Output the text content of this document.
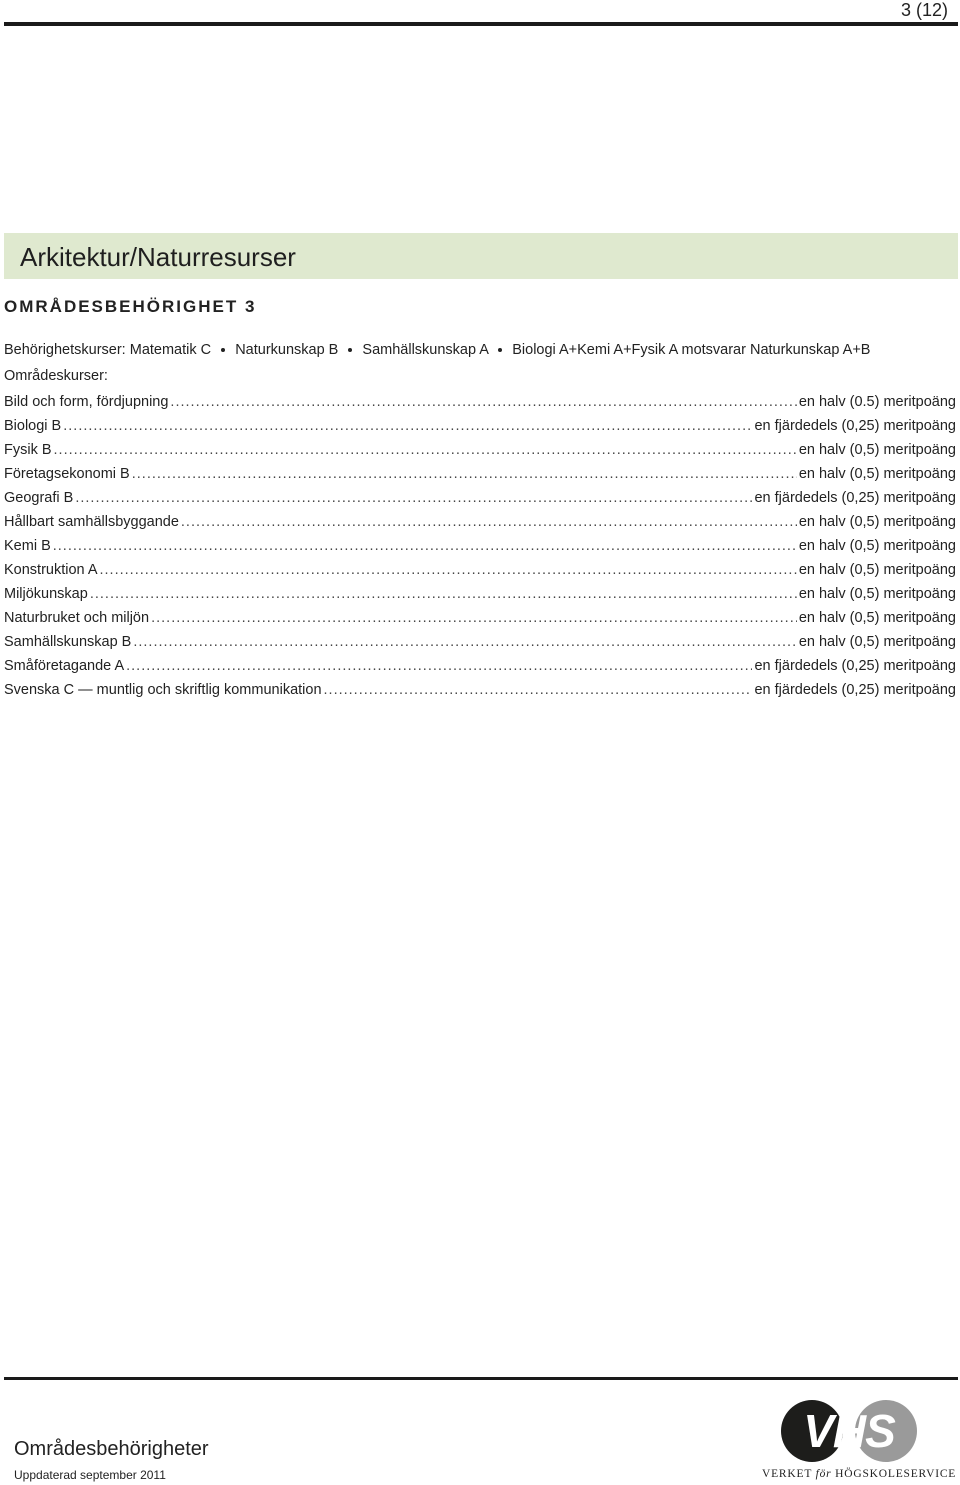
3 (12)
Arkitektur/Naturresurser
OMRÅDESBEHÖRIGHET 3
Behörighetskurser: Matematik C Naturkunskap B Samhällskunskap A Biologi A+Kemi A+Fysik A motsvarar Naturkunskap A+B
Områdeskurser:
Bild och form, fördjupning .....	en halv (0.5) meritpoäng
Biologi B .....	en fjärdedels (0,25) meritpoäng
Fysik B .....	en halv (0,5) meritpoäng
Företagsekonomi B .....	en halv (0,5) meritpoäng
Geografi B .....	en fjärdedels (0,25) meritpoäng
Hållbart samhällsbyggande .....	en halv (0,5) meritpoäng
Kemi B .....	en halv (0,5) meritpoäng
Konstruktion A .....	en halv (0,5) meritpoäng
Miljökunskap .....	en halv (0,5) meritpoäng
Naturbruket och miljön .....	en halv (0,5) meritpoäng
Samhällskunskap B .....	en halv (0,5) meritpoäng
Småföretagande A .....	en fjärdedels (0,25) meritpoäng
Svenska C — muntlig och skriftlig kommunikation .....	en fjärdedels (0,25) meritpoäng
Områdesbehörigheter
Uppdaterad september 2011
VHS
VERKET för HÖGSKOLESERVICE
